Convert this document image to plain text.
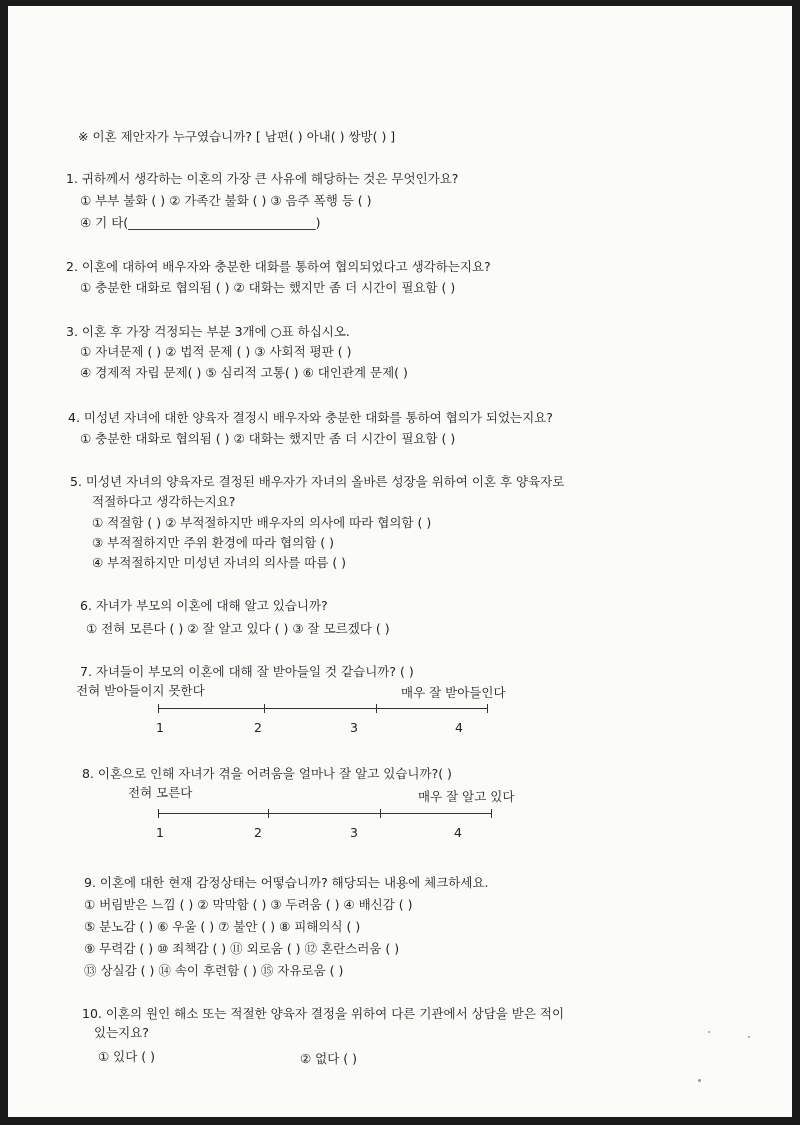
※ 이혼 제안자가 누구였습니까? [ 남편( ) 아내( ) 쌍방( ) ]
1. 귀하께서 생각하는 이혼의 가장 큰 사유에 해당하는 것은 무엇인가요?
① 부부 불화 ( ) ② 가족간 불화 ( ) ③ 음주 폭행 등 ( )
④ 기 타(______________________________)
2. 이혼에 대하여 배우자와 충분한 대화를 통하여 협의되었다고 생각하는지요?
① 충분한 대화로 협의됨 ( ) ② 대화는 했지만 좀 더 시간이 필요함 ( )
3. 이혼 후 가장 걱정되는 부분 3개에 ○표 하십시오.
① 자녀문제 ( ) ② 법적 문제 ( ) ③ 사회적 평판 ( )
④ 경제적 자립 문제( ) ⑤ 심리적 고통( ) ⑥ 대인관계 문제( )
4. 미성년 자녀에 대한 양육자 결정시 배우자와 충분한 대화를 통하여 협의가 되었는지요?
① 충분한 대화로 협의됨 ( ) ② 대화는 했지만 좀 더 시간이 필요함 ( )
5. 미성년 자녀의 양육자로 결정된 배우자가 자녀의 올바른 성장을 위하여 이혼 후 양육자로
적절하다고 생각하는지요?
① 적절함 ( ) ② 부적절하지만 배우자의 의사에 따라 협의함 ( )
③ 부적절하지만 주위 환경에 따라 협의함 ( )
④ 부적절하지만 미성년 자녀의 의사를 따름 ( )
6. 자녀가 부모의 이혼에 대해 알고 있습니까?
① 전혀 모른다 ( ) ② 잘 알고 있다 ( ) ③ 잘 모르겠다 ( )
7. 자녀들이 부모의 이혼에 대해 잘 받아들일 것 같습니까? ( )
전혀 받아들이지 못한다	매우 잘 받아들인다
1	2	3	4
8. 이혼으로 인해 자녀가 겪을 어려움을 얼마나 잘 알고 있습니까?( )
전혀 모른다	매우 잘 알고 있다
1	2	3	4
9. 이혼에 대한 현재 감정상태는 어떻습니까? 해당되는 내용에 체크하세요.
① 버림받은 느낌 ( ) ② 막막함 ( ) ③ 두려움 ( ) ④ 배신감 ( )
⑤ 분노감 ( ) ⑥ 우울 ( ) ⑦ 불안 ( ) ⑧ 피해의식 ( )
⑨ 무력감 ( ) ⑩ 죄책감 ( ) ⑪ 외로움 ( ) ⑫ 혼란스러움 ( )
⑬ 상실감 ( ) ⑭ 속이 후련함 ( ) ⑮ 자유로움 ( )
10. 이혼의 원인 해소 또는 적절한 양육자 결정을 위하여 다른 기관에서 상담을 받은 적이
있는지요?
① 있다 ( )	② 없다 ( )
